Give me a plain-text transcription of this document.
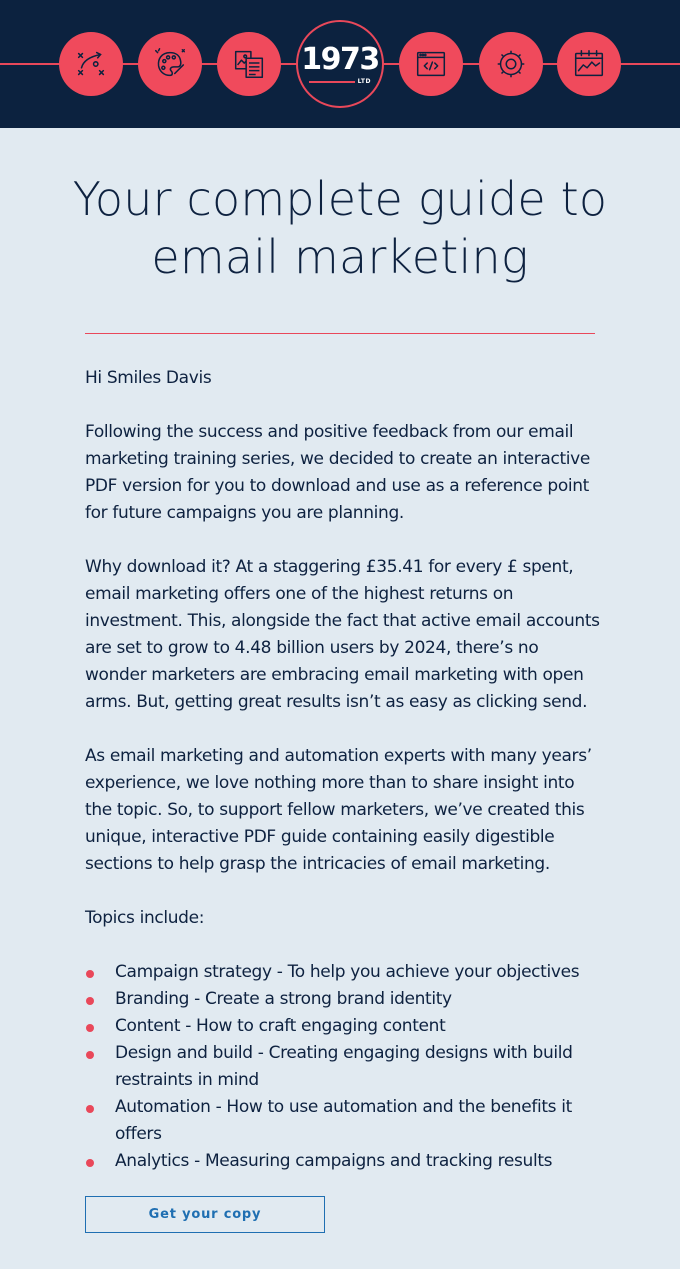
1973
LTD
Your complete guide to
email marketing

Hi Smiles Davis

Following the success and positive feedback from our email marketing training series, we decided to create an interactive PDF version for you to download and use as a reference point for future campaigns you are planning.

Why download it? At a staggering £35.41 for every £ spent, email marketing offers one of the highest returns on investment. This, alongside the fact that active email accounts are set to grow to 4.48 billion users by 2024, there’s no wonder marketers are embracing email marketing with open arms. But, getting great results isn’t as easy as clicking send.

As email marketing and automation experts with many years’ experience, we love nothing more than to share insight into the topic. So, to support fellow marketers, we’ve created this unique, interactive PDF guide containing easily digestible sections to help grasp the intricacies of email marketing.

Topics include:

Campaign strategy - To help you achieve your objectives
Branding - Create a strong brand identity
Content - How to craft engaging content
Design and build - Creating engaging designs with build restraints in mind
Automation - How to use automation and the benefits it offers
Analytics - Measuring campaigns and tracking results
Get your copy
